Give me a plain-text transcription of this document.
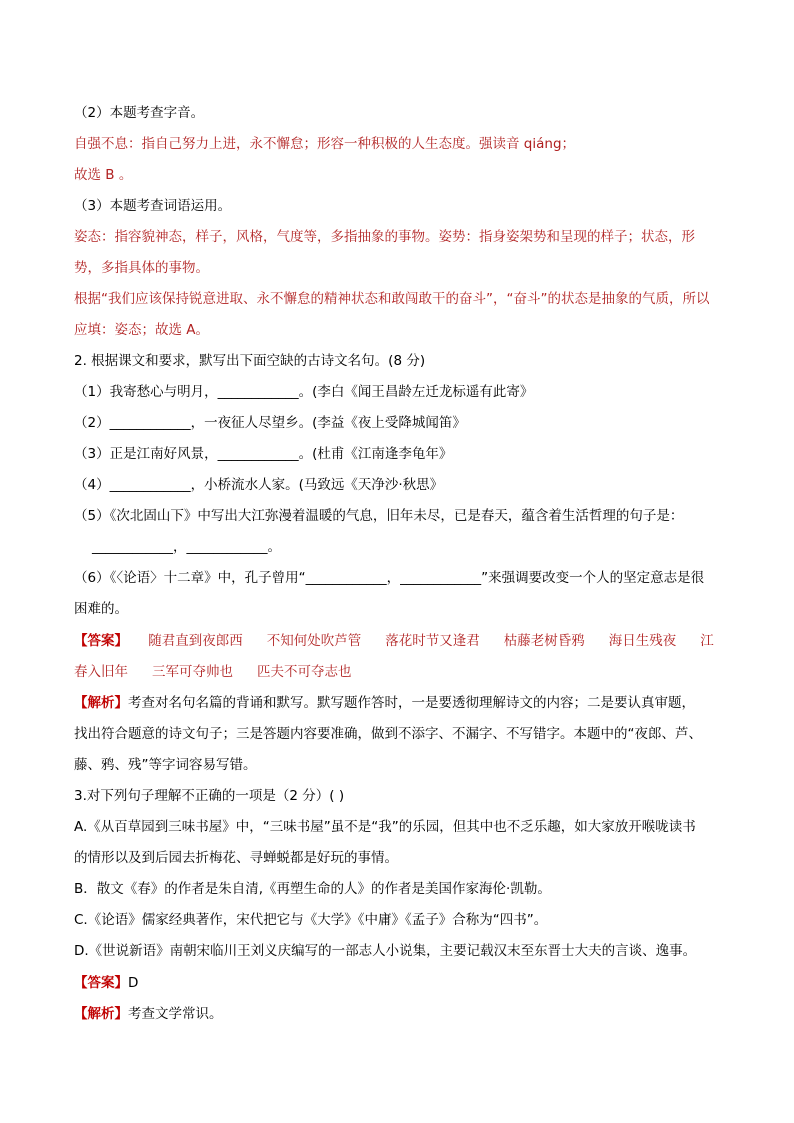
（2）本题考查字音。
自强不息：指自己努力上进，永不懈怠；形容一种积极的人生态度。强读音 qiáng；
故选 B 。
（3）本题考查词语运用。
姿态：指容貌神态，样子，风格，气度等，多指抽象的事物。姿势：指身姿架势和呈现的样子；状态，形
势，多指具体的事物。
根据“我们应该保持锐意进取、永不懈怠的精神状态和敢闯敢干的奋斗”，“奋斗”的状态是抽象的气质，所以
应填：姿态；故选 A。
2. 根据课文和要求，默写出下面空缺的古诗文名句。(8 分)
（1）我寄愁心与明月，____________。(李白《闻王昌龄左迁龙标遥有此寄》
（2）____________，一夜征人尽望乡。(李益《夜上受降城闻笛》
（3）正是江南好风景，____________。(杜甫《江南逢李龟年》
（4）____________，小桥流水人家。(马致远《天净沙·秋思》
（5）《次北固山下》中写出大江弥漫着温暖的气息，旧年未尽，已是春天，蕴含着生活哲理的句子是：
____________，____________。
（6）《〈论语〉十二章》中，孔子曾用“____________，____________”来强调要改变一个人的坚定意志是很
困难的。
【答案】 随君直到夜郎西 不知何处吹芦管 落花时节又逢君 枯藤老树昏鸦 海日生残夜 江
春入旧年 三军可夺帅也 匹夫不可夺志也
【解析】考查对名句名篇的背诵和默写。默写题作答时，一是要透彻理解诗文的内容；二是要认真审题，
找出符合题意的诗文句子；三是答题内容要准确，做到不添字、不漏字、不写错字。本题中的“夜郎、芦、
藤、鸦、残”等字词容易写错。
3.对下列句子理解不正确的一项是（2 分）( )
A.《从百草园到三味书屋》中，“三味书屋”虽不是“我”的乐园，但其中也不乏乐趣，如大家放开喉咙读书
的情形以及到后园去折梅花、寻蝉蜕都是好玩的事情。
B．散文《春》的作者是朱自清,《再塑生命的人》的作者是美国作家海伦·凯勒。
C.《论语》儒家经典著作，宋代把它与《大学》《中庸》《孟子》合称为“四书”。
D.《世说新语》南朝宋临川王刘义庆编写的一部志人小说集，主要记载汉末至东晋士大夫的言谈、逸事。
【答案】D
【解析】考查文学常识。
